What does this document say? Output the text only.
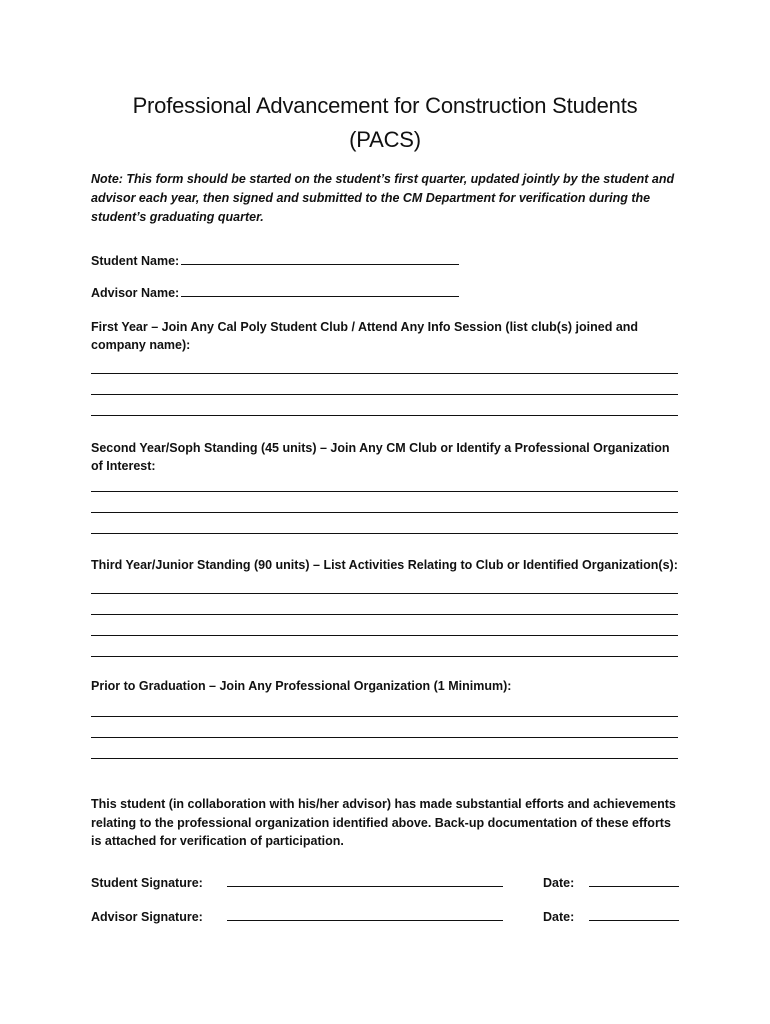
Professional Advancement for Construction Students
(PACS)
Note: This form should be started on the student’s first quarter, updated jointly by the student and advisor each year, then signed and submitted to the CM Department for verification during the student’s graduating quarter.
Student Name:
Advisor Name:
First Year – Join Any Cal Poly Student Club / Attend Any Info Session (list club(s) joined and company name):
Second Year/Soph Standing (45 units) – Join Any CM Club or Identify a Professional Organization of Interest:
Third Year/Junior Standing (90 units) – List Activities Relating to Club or Identified Organization(s):
Prior to Graduation – Join Any Professional Organization (1 Minimum):
This student (in collaboration with his/her advisor) has made substantial efforts and achievements relating to the professional organization identified above. Back-up documentation of these efforts is attached for verification of participation.
Student Signature:	Date:
Advisor Signature:	Date:
